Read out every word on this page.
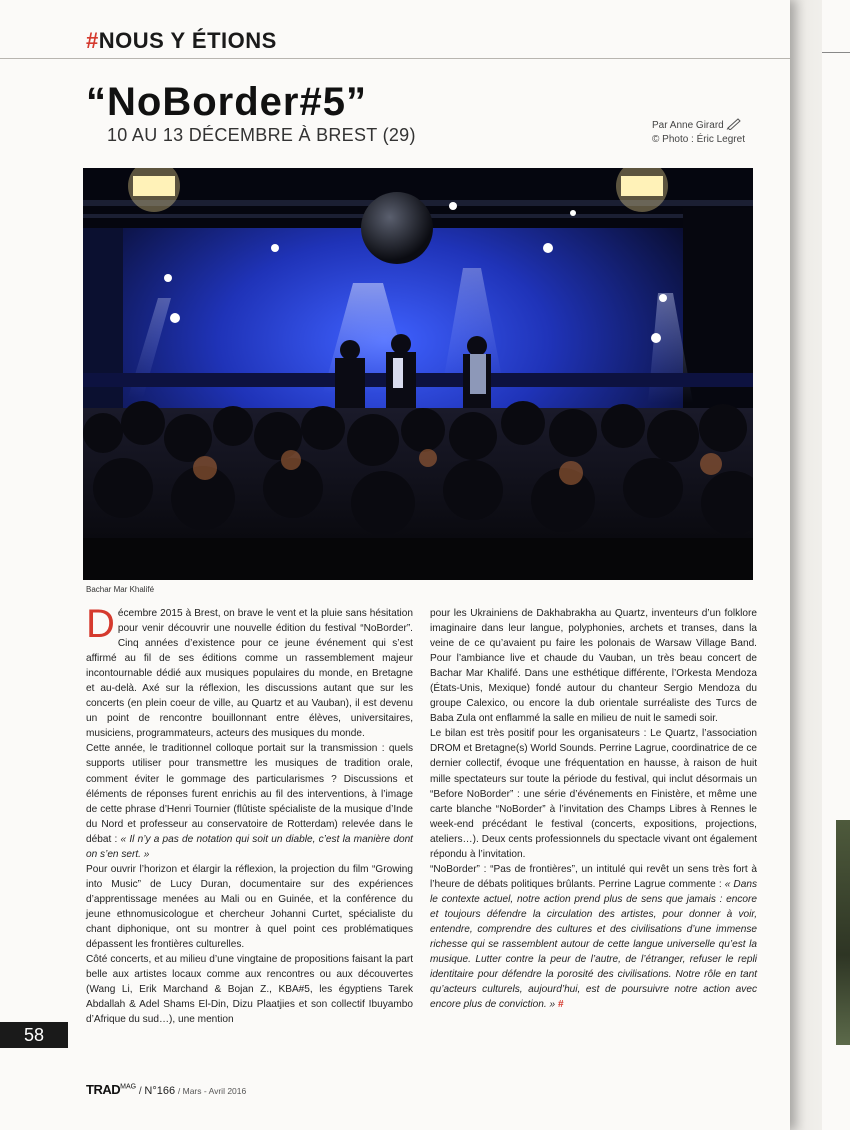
#NOUS Y ÉTIONS
“NoBorder#5”
10 AU 13 DÉCEMBRE À BREST (29)	Par Anne Girard
© Photo : Éric Legret
Bachar Mar Khalifé

Décembre 2015 à Brest, on brave le vent et la pluie sans hésitation pour venir découvrir une nouvelle édition du festival “NoBorder”. Cinq années d’existence pour ce jeune événement qui s’est affirmé au fil de ses éditions comme un rassemblement majeur incontournable dédié aux musiques populaires du monde, en Bretagne et au-delà. Axé sur la réflexion, les discussions autant que sur les concerts (en plein coeur de ville, au Quartz et au Vauban), il est devenu un point de rencontre bouillonnant entre élèves, universitaires, musiciens, programmateurs, acteurs des musiques du monde.

Cette année, le traditionnel colloque portait sur la transmission : quels supports utiliser pour transmettre les musiques de tradition orale, comment éviter le gommage des particularismes ? Discussions et éléments de réponses furent enrichis au fil des interventions, à l’image de cette phrase d’Henri Tournier (flûtiste spécialiste de la musique d’Inde du Nord et professeur au conservatoire de Rotterdam) relevée dans le débat : « Il n’y a pas de notation qui soit un diable, c’est la manière dont on s’en sert. »

Pour ouvrir l’horizon et élargir la réflexion, la projection du film “Growing into Music” de Lucy Duran, documentaire sur des expériences d’apprentissage menées au Mali ou en Guinée, et la conférence du jeune ethnomusicologue et chercheur Johanni Curtet, spécialiste du chant diphonique, ont su montrer à quel point ces problématiques dépassent les frontières culturelles.

Côté concerts, et au milieu d’une vingtaine de propositions faisant la part belle aux artistes locaux comme aux rencontres ou aux découvertes (Wang Li, Erik Marchand & Bojan Z., KBA#5, les égyptiens Tarek Abdallah & Adel Shams El-Din, Dizu Plaatjies et son collectif Ibuyambo d’Afrique du sud…), une mention

pour les Ukrainiens de Dakhabrakha au Quartz, inventeurs d’un folklore imaginaire dans leur langue, polyphonies, archets et transes, dans la veine de ce qu’avaient pu faire les polonais de Warsaw Village Band. Pour l’ambiance live et chaude du Vauban, un très beau concert de Bachar Mar Khalifé. Dans une esthétique différente, l’Orkesta Mendoza (États-Unis, Mexique) fondé autour du chanteur Sergio Mendoza du groupe Calexico, ou encore la dub orientale surréaliste des Turcs de Baba Zula ont enflammé la salle en milieu de nuit le samedi soir.

Le bilan est très positif pour les organisateurs : Le Quartz, l’association DROM et Bretagne(s) World Sounds. Perrine Lagrue, coordinatrice de ce dernier collectif, évoque une fréquentation en hausse, à raison de huit mille spectateurs sur toute la période du festival, qui inclut désormais un “Before NoBorder” : une série d’événements en Finistère, et même une carte blanche “NoBorder” à l’invitation des Champs Libres à Rennes le week-end précédant le festival (concerts, expositions, projections, ateliers…). Deux cents professionnels du spectacle vivant ont également répondu à l’invitation.

“NoBorder” : “Pas de frontières”, un intitulé qui revêt un sens très fort à l’heure de débats politiques brûlants. Perrine Lagrue commente : « Dans le contexte actuel, notre action prend plus de sens que jamais : encore et toujours défendre la circulation des artistes, pour donner à voir, entendre, comprendre des cultures et des civilisations d’une immense richesse qui se rassemblent autour de cette langue universelle qu’est la musique. Lutter contre la peur de l’autre, de l’étranger, refuser le repli identitaire pour défendre la porosité des civilisations. Notre rôle en tant qu’acteurs culturels, aujourd’hui, est de poursuivre notre action avec encore plus de conviction. » #

58
$TRAD^{MAG} / N^\circ 166$ / Mars - Avril 2016
